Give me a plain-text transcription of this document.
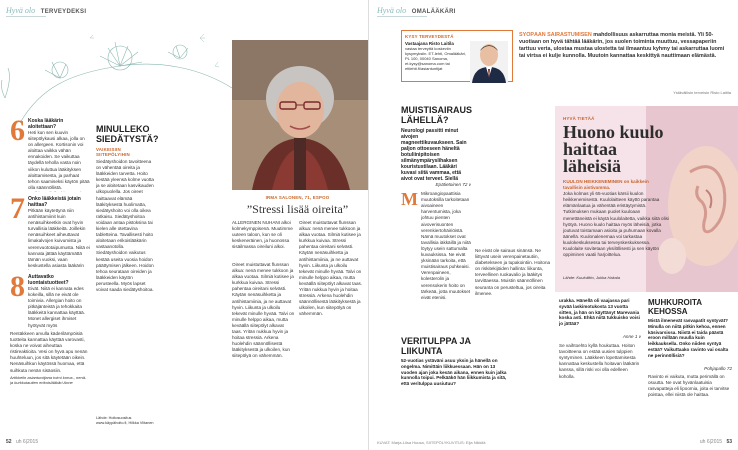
Hyvä olo TERVEYDEKSI
6 Koska lääkärin aloitettaan?
Heti kun sen kuuvin siitepölykausi alkaa, jolla on on allergeen. Kortisonin voi aloittaa vaikka vähän ennakoiden. Se vaikuttaa täydellä teholla vasta noin viikon kuluttua lääkityksen aloittamisesta, ja parhaat tehon saamiseksi käytön pitää olla säännöllistä.
7 Onko lääkkeistä jotain haittaa?
Pitkään käytettynä niin antihistamiinit kuin nenäsuihkeetkin ovat hyvin turvallisia lääkkeitä. Joillekin nenäsuihkeet aiheuttavat limakalvojen kuivumista ja verenvuototaipumusta. Niitä ei kannata jättää käyttämättä tämän vuoksi, vaan keskustella asiasta lääkärin
8 Auttavatko luontaistuotteet?
Eivät. Niitä ei kannata edes kokeilla, sillä ne eivät ole toimivia. Allergian hoito on pitkäjänteistä ja tehokkaita lääkkeitä kannattaa käyttää. Monet allergiset ihmiset hyötyvät myös
Rentäkkeen arvulla käderilämpöisiä tuotteita kannattaa käyttää varovasti, koska ne voivat aiheuttaa ristireaktioita. Vesi on hyvä apu nenän huuhteluun, jos sitä käytetään oikein. Nenäsuihkun käytössä huomaa, että suihkuta nenän sisäosiin.
Artikkelin asiantuntijana toimi korva-, nenä- ja kurkkutautien erikoislääkäri Anne
MINULLEKO SIEDÄTYSTÄ?
VAIKEISIIN SIITEPÖLYIHIN
Siedätyshoidon tavoitteena on vähentää oireita ja lääkkeiden tarvetta. Hoito kestää yleensä kolme vuotta ja se aloitetaan kasvikauden ulkopuolella. Jos oireet haittaavat elämää lääkityksestä huolimatta, siedätyshoito voi olla oikea ratkaisu. Siedätyshoitoa voidaan antaa pistoksina tai kielen alle otettavina tabletteina. Tavallisesti hoito aloitetaan erikoislääkärin vastaanotolla. Siedätyshoidon vaikutus kestää useita vuosia hoidon päättymisen jälkeen. Hoidon tehoa seurataan oireiden ja lääkkeiden käytön perusteella. Myös lapset voivat saada siedätyshoitoa.
Lähde: Hoitosuositus www.käypähoito.fi, Hilkka Viitanen
IRMA SALONEN, 71, ESPOO
”Stressi lisää oireita”
ALLERGINEN NUHANI alkoi kolmekymppisenä. Muutimme uuteen taloon, kun se oli keskeneräinen, ja huonossa sisäilmassa oireiluni alkoi.
Oireet muistuttavat flunssan alkua: nenä menee tukkoon ja alkaa vuotaa. Silmiä kutisee ja kurkkua kuivaa. Stressi pahentaa oireitani selvästi. Käytän nenäsuihketta ja antihistamiinia, ja ne auttavat hyvin. Liikunta ja ulkoilu tekevät minulle hyvää. Talvi on minulle helppo aikaa, mutta keväällä siitepölyt alkavat taas. Yritän nukkua hyvin ja hoitaa stressiä. Arkena huolehdin säännöllisestä lääkityksestä ja ulkoilen, kun siitepölyä on vähemmän.
Oireet muistuttavat flunssan alkua: nenä menee tukkoon ja alkaa vuotaa. Silmiä kutisee ja kurkkua kuivaa. Stressi pahentaa oireitani selvästi. Käytän nenäsuihketta ja antihistamiinia, ja ne auttavat hyvin. Liikunta ja ulkoilu tekevät minulle hyvää. Talvi on minulle helppo aikaa, mutta keväällä siitepölyt alkavat taas. Yritän nukkua hyvin ja hoitaa stressiä. Arkena huolehdin säännöllisestä lääkityksestä ja ulkoilen, kun siitepölyä on vähemmän.
52 uh 6|2015
Hyvä olo OMALÄÄKÄRI
KYSY TERVEYDESTÄ
Vastaajana Risto Laitila
vastaa terveyttä koskeviin kysymyksiin. ET-lehti, Omalääkäri, PL 100, 00040 Sanoma, et.kysy@sanoma.com tai ettlehti.fi/asiantuntijat
SYÖPÄÄN SAIRASTUMISEN mahdollisuus askarruttaa monia meistä. Yli 50-vuotiaan on hyvä tähtää lääkärin, jos suolen toiminta muuttuu, vessapaperiin tarttuu verta, ulostaa mustaa ulostetta tai ilmaantuu kyhmy tai askarruttaa luomi tai virtsa ei kulje kunnolla. Muutoin kannattaa keskittyä nauttimaan elämästä.
Ystävällisin terveisin Risto Laitila
MUISTISAIRAUS LÄHELLÄ?
Neurologi passitti minut aivojen magneettikuvaukseen. Sain paljon ottoeseen häneltä botuliinipitoisen silmänympäryslihaksen kouristustilaan. Lääkäri kuvasi siitä vammaa, että aivot ovat terveet. Siellä
Epätietoinen 72 v
M Mikroangiopaattisia muutoksilla tarkoitetaan aivoaineen harventumista, joka johtuu pienten aivoverisuonten verenkiertohäiriöistä. Nämä muutokset ovat tavallisia iäkkäillä ja niitä löytyy usein sattumalta kuvauksissa. Ne eivät yksinään tarkoita, että muistisairaus puhkeaisi. Verenpaineen, kolesterolin ja verensokerin hoito on tärkeää, jotta muutokset eivät etenisi.
Ne eivät ole sairaus sinänsä. Ne liittyvät usein verenpainetautiin, diabetekseen ja tupakointiin. Hoitona on riskitekijöiden hallinta: liikunta, terveellinen ruokavalio ja lääkitys tarvittaessa. Muistin säännöllinen seuranta on perusteltua, jos oireita ilmenee.
VERITULPPA JA LIIKUNTA
52-vuotias ystäväni asuu yksin ja hänellä on ongelma. Nimittäin liikkuessaan. Hän on 13 vuoden ajan joka kesän aikana, ennen kuin jalka kunnolla toipui. Pelkääkö hän liikkumista ja sitä, että veritulppa uusiutuu?
HYVÄ TIETÄÄ
Huono kuulo haittaa läheisiä
KUULON HEIKKENEMINEN on kaikkein tavallisin aistivamma.
Joka kolmas yli 65-vuotias kärsii kuulon heikkenemisestä. Kuulolaitteen käyttö parantaa elämänlaatua ja vähentää eristäytymistä. Tutkimuksen mukaan puolet kuuloaan menettäneistä ei käytä kuulolaitetta, vaikka siitä olisi hyötyä. Huono kuulo haittaa myös läheisiä, jotka joutuvat toistamaan asioita ja puhumaan kovalla äänellä. Kuulonalenemaa voi tarkastaa kuulokeskuksessa tai terveyskeskuksessa. Kuulolaite sovitetaan yksilöllisesti ja sen käytön oppiminen vaatii harjoittelua.
Lähde: Kuuloliitto, Jukka Hakala
urakka. Hänellä oli vaajassa pari syvää laskimotukosta 13 vuotta sitten, ja hän on käyttänyt Marevania koska asti. Ehkä niitä tukkuisko voisi jo jättää?
Anne 1 v
Se vaihtoehto kyllä houkuttaa. Hoiton tavoitteena on estää uusien tulppien syntyminen. Lääkkeen lopettamisesta kannattaa keskustella hoitavan lääkärin kanssa, sillä riski voi olla edelleen koholla.
MUHKUROITA KEHOSSA
Mistä ilmenevät rasvapatit syntyvät? Minulla on niitä pitkin kehoa, ennen käsivarsissa. Niistä ei taida päästä eroon millään muulla kuin leikkauksella. Onko niiden syntyä estää? Vaikuttaako ravinto vai osalta ne perinnöllisiä?
Pohjapallo 72
Ravinto ei vaikuta, mutta perimällä on osuutta. Ne ovat hyvänlaatuisia rasvapatteja eli lipoomia, joita ei tarvitse poistaa, ellei niistä ole haittaa.
KUVAT: Marja-Liisa Huusa, SIITEPÖLYKUVITUS: Eija Nikkilä	uh 6|2015 53
